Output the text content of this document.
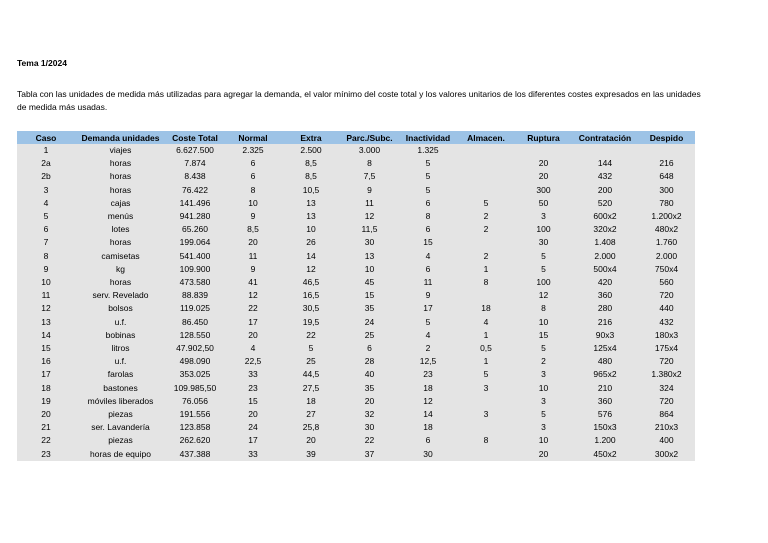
Tema 1/2024
Tabla con las unidades de medida más utilizadas para agregar la demanda, el valor mínimo del coste total y los valores unitarios de los diferentes costes expresados en las unidades de medida más usadas.
Caso	Demanda unidades	Coste Total	Normal	Extra	Parc./Subc.	Inactividad	Almacen.	Ruptura	Contratación	Despido
1	viajes	6.627.500	2.325	2.500	3.000	1.325				
2a	horas	7.874	6	8,5	8	5		20	144	216
2b	horas	8.438	6	8,5	7,5	5		20	432	648
3	horas	76.422	8	10,5	9	5		300	200	300
4	cajas	141.496	10	13	11	6	5	50	520	780
5	menús	941.280	9	13	12	8	2	3	600x2	1.200x2
6	lotes	65.260	8,5	10	11,5	6	2	100	320x2	480x2
7	horas	199.064	20	26	30	15		30	1.408	1.760
8	camisetas	541.400	11	14	13	4	2	5	2.000	2.000
9	kg	109.900	9	12	10	6	1	5	500x4	750x4
10	horas	473.580	41	46,5	45	11	8	100	420	560
11	serv. Revelado	88.839	12	16,5	15	9		12	360	720
12	bolsos	119.025	22	30,5	35	17	18	8	280	440
13	u.f.	86.450	17	19,5	24	5	4	10	216	432
14	bobinas	128.550	20	22	25	4	1	15	90x3	180x3
15	litros	47.902,50	4	5	6	2	0,5	5	125x4	175x4
16	u.f.	498.090	22,5	25	28	12,5	1	2	480	720
17	farolas	353.025	33	44,5	40	23	5	3	965x2	1.380x2
18	bastones	109.985,50	23	27,5	35	18	3	10	210	324
19	móviles liberados	76.056	15	18	20	12		3	360	720
20	piezas	191.556	20	27	32	14	3	5	576	864
21	ser. Lavandería	123.858	24	25,8	30	18		3	150x3	210x3
22	piezas	262.620	17	20	22	6	8	10	1.200	400
23	horas de equipo	437.388	33	39	37	30		20	450x2	300x2
